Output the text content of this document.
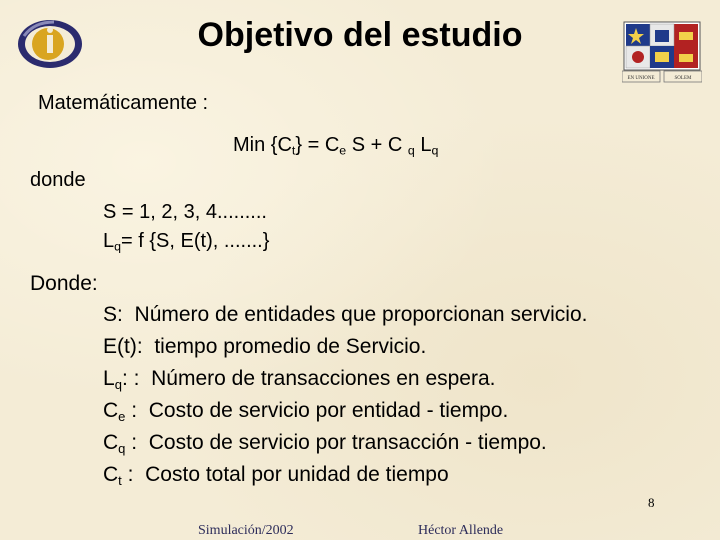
EN UNIONE	SOLEM
Objetivo del estudio
Matemáticamente :
Min $\{C_t\} = C_e$ S + C $_q$ $L_q$
donde
S = 1, 2, 3, 4.........
$L_q= f$ {S, E(t), .......}
Donde:
S:  Número de entidades que proporcionan servicio.
E(t):  tiempo promedio de Servicio.
$L_q$: :  Número de transacciones en espera.
$C_e$ :  Costo de servicio por entidad - tiempo.
$C_q$ :  Costo de servicio por transacción - tiempo.
$C_t$ :  Costo total por unidad de tiempo
8
Simulación/2002	Héctor Allende
